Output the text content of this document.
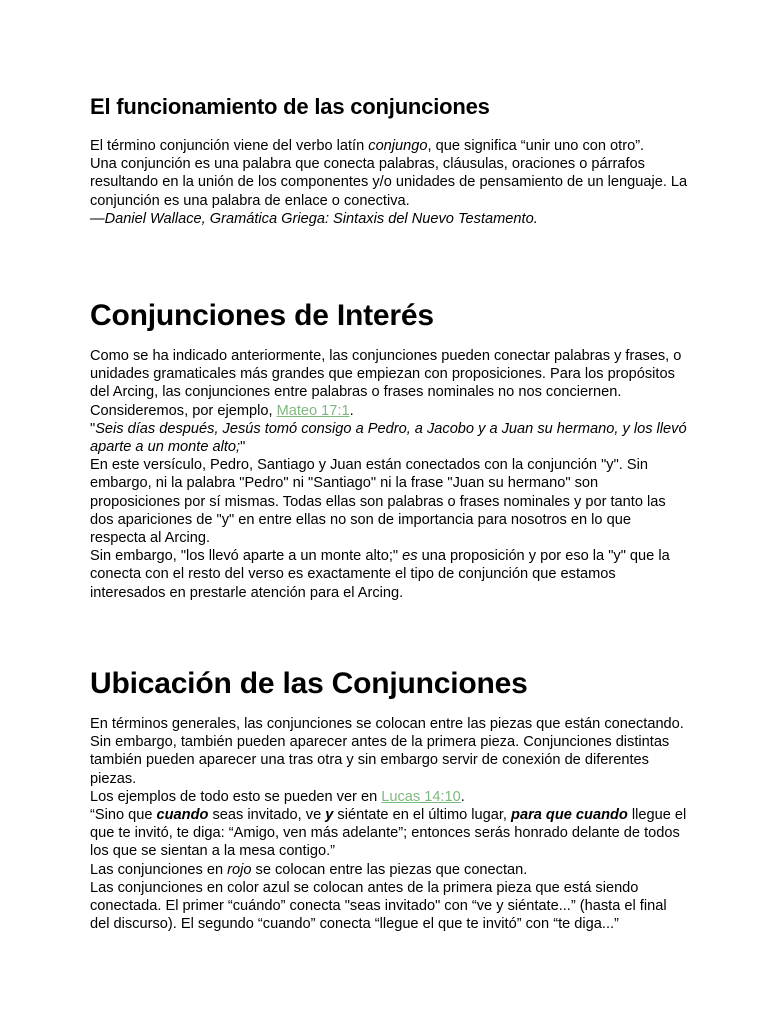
El funcionamiento de las conjunciones

El término conjunción viene del verbo latín conjungo, que significa “unir uno con otro”.

Una conjunción es una palabra que conecta palabras, cláusulas, oraciones o párrafos resultando en la unión de los componentes y/o unidades de pensamiento de un lenguaje. La conjunción es una palabra de enlace o conectiva.

—Daniel Wallace, Gramática Griega: Sintaxis del Nuevo Testamento.

Conjunciones de Interés

Como se ha indicado anteriormente, las conjunciones pueden conectar palabras y frases, o unidades gramaticales más grandes que empiezan con proposiciones. Para los propósitos del Arcing, las conjunciones entre palabras o frases nominales no nos conciernen. Consideremos, por ejemplo, Mateo 17:1.

"Seis días después, Jesús tomó consigo a Pedro, a Jacobo y a Juan su hermano, y los llevó aparte a un monte alto;"

En este versículo, Pedro, Santiago y Juan están conectados con la conjunción "y". Sin embargo, ni la palabra "Pedro" ni "Santiago" ni la frase "Juan su hermano" son proposiciones por sí mismas. Todas ellas son palabras o frases nominales y por tanto las dos apariciones de "y" en entre ellas no son de importancia para nosotros en lo que respecta al Arcing.

Sin embargo, "los llevó aparte a un monte alto;" es una proposición y por eso la "y" que la conecta con el resto del verso es exactamente el tipo de conjunción que estamos interesados en prestarle atención para el Arcing.

Ubicación de las Conjunciones

En términos generales, las conjunciones se colocan entre las piezas que están conectando. Sin embargo, también pueden aparecer antes de la primera pieza. Conjunciones distintas también pueden aparecer una tras otra y sin embargo servir de conexión de diferentes piezas.

Los ejemplos de todo esto se pueden ver en Lucas 14:10.

“Sino que cuando seas invitado, ve y siéntate en el último lugar, para que cuando llegue el que te invitó, te diga: “Amigo, ven más adelante”; entonces serás honrado delante de todos los que se sientan a la mesa contigo.”

Las conjunciones en rojo se colocan entre las piezas que conectan.

Las conjunciones en color azul se colocan antes de la primera pieza que está siendo conectada. El primer “cuándo” conecta "seas invitado" con “ve y siéntate...” (hasta el final del discurso). El segundo “cuando” conecta “llegue el que te invitó” con “te diga...”
